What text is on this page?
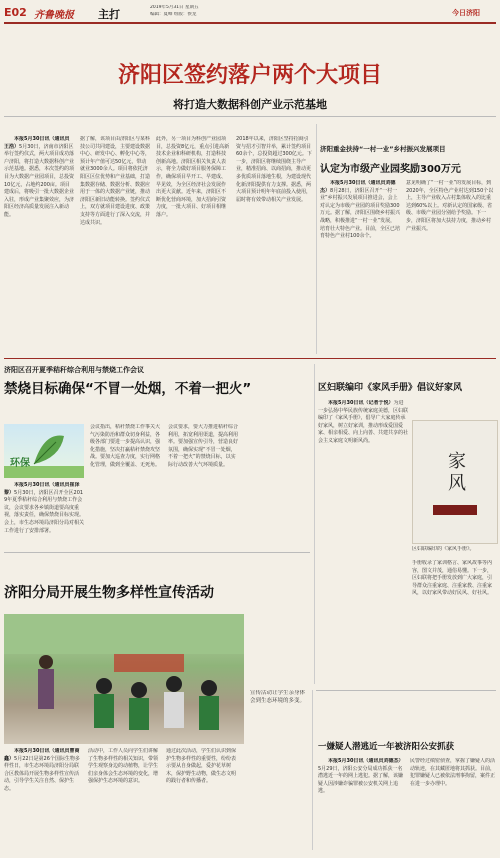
E02 齐鲁晚报 主打
2019年5月31日 星期五
编辑：夏峰 组版：侯龙	今日济阳
济阳区签约落户两个大项目
将打造大数据科创产业示范基地

本报5月30日讯（通讯员王浩）5月30日，济南市济阳区举行签约仪式，两大项目成功落户济阳，将打造大数据科创产业示范基地。据悉，本次签约的项目为大数据产业园项目，总投资10亿元，占地约200亩。项目建成后，将吸引一批大数据企业入驻，形成产业集聚效应，为济阳区经济高质量发展注入新动能。

据了解，该项目由济阳区与某科技公司共同建设，主要建设数据中心、研发中心、孵化中心等，预计年产值可达50亿元，带动就业3000余人。项目将依托济阳区区位优势和产业基础，打造集数据存储、数据分析、数据应用于一体的大数据产业链，推动济阳区新旧动能转换。签约仪式上，双方就项目建设进度、政策支持等方面进行了深入交流，并达成共识。
此外，另一项目为科创产业园项目，总投资8亿元，重点引进高新技术企业和科研机构，打造科技创新高地。济阳区相关负责人表示，将全力做好项目服务保障工作，确保项目早开工、早建成、早见效，为全区经济社会发展作出更大贡献。近年来，济阳区不断优化营商环境，加大招商引资力度，一批大项目、好项目相继落户。
2018年以来，济阳区坚持招商引资与招才引智并举，累计签约项目60余个，总投资超过300亿元。下一步，济阳区将继续围绕主导产业，精准招商、以商招商，推动更多优质项目落地生根，为建设现代化新济阳提供有力支撑。据悉，两大项目预计明年年底前投入使用，届时将有效带动相关产业发展。
济阳重金扶持“一村一业”乡村振兴发展项目
认定为市级产业园奖励300万元

本报5月30日讯（通讯员刘德杰）8月28日，济阳区召开“一村一业”乡村振兴发展项目推进会，会上对认定为市级产业园的项目奖励300万元。据了解，济阳区围绕乡村振兴战略，积极推进“一村一业”发展，培育壮大特色产业。目前，全区已培育特色产业村100余个。

意见明确了“一村一业”的发展目标，到2020年，全区特色产业村达到150个以上，主导产业收入占村集体收入的比重达到60%以上。对新认定的国家级、省级、市级产业园分别给予奖励。下一步，济阳区将加大扶持力度，推动乡村产业振兴。
济阳区召开夏季秸秆综合利用与禁烧工作会议
禁烧目标确保“不冒一处烟，不着一把火”
环保

本报5月30日讯（通讯员崔泽黎）5月30日，济阳区召开全区2019年夏季秸秆综合利用与禁烧工作会议，会议要求各乡镇街道要高度重视，落实责任，确保禁烧目标实现。会上，市生态环境局济阳分局对相关工作进行了安排部署。

会议指出，秸秆禁烧工作事关大气污染防治和群众切身利益，各级各部门要进一步提高认识，强化措施，坚决打赢秸秆禁烧攻坚战。要加大巡查力度，实行网格化管理，做到全覆盖、无死角。
会议要求，要大力推进秸秆综合利用，拓宽利用渠道，提高利用率。要加强宣传引导，营造良好氛围，确保实现“不冒一处烟，不着一把火”的禁烧目标，以实际行动改善大气环境质量。
区妇联编印《家风手册》倡议好家风

本报5月30日讯（记者于悦）为进一步弘扬中华民族传统家庭美德，区妇联编印了《家风手册》，倡导广大家庭传承好家风，树立好家训，推动形成爱国爱家、相亲相爱、向上向善、共建共享的社会主义家庭文明新风尚。

家
风
区妇联编印的《家风手册》。
手册收录了家训格言、家风故事等内容，图文并茂，通俗易懂。下一步，区妇联将把手册发放到广大家庭，引导群众注重家庭、注重家教、注重家风，以好家风带动好民风、好社风。
济阳分局开展生物多样性宣传活动
宣传活动让学生亲身体会到生态环境的多变。

本报5月30日讯（通讯员曹商鑫）5月22日是第26个国际生物多样性日，市生态环境局济阳分局联合区教体局开展生物多样性宣传活动，引导学生关注自然、保护生态。

活动中，工作人员向学生们讲解了生物多样性的相关知识，带领学生观察身边的动植物，让学生们亲身体会生态环境的变化，增强保护生态环境的意识。
通过此次活动，学生们认识到保护生物多样性的重要性，纷纷表示要从自身做起，爱护花草树木，保护野生动物，做生态文明的践行者和传播者。
一嫌疑人潜逃近一年被济阳公安抓获

本报5月30日讯（通讯员刘德杰）5月29日，济阳公安分局成功抓获一名潜逃近一年的网上逃犯。据了解，该嫌疑人因涉嫌诈骗罪被公安机关网上追逃。

民警经过缜密侦查，掌握了嫌疑人的活动轨迹，在其藏匿地将其抓获。目前，犯罪嫌疑人已被依法刑事拘留，案件正在进一步办理中。
